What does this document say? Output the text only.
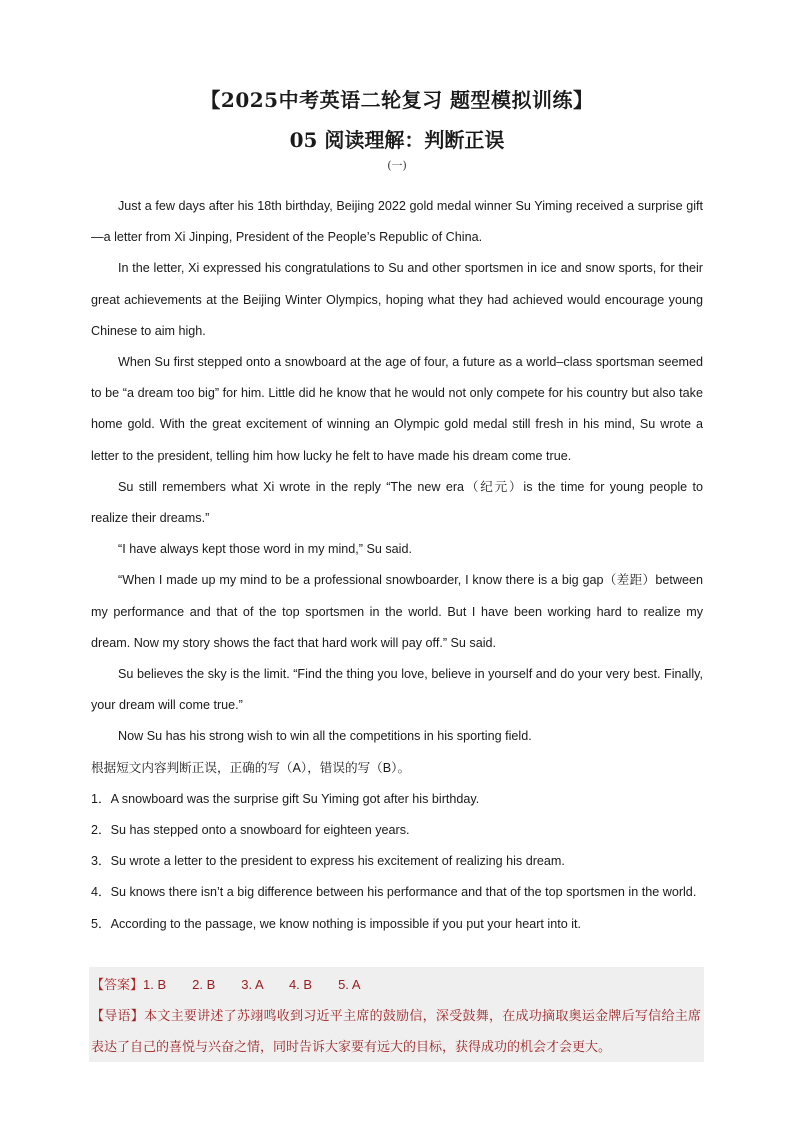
【2025中考英语二轮复习 题型模拟训练】
05 阅读理解：判断正误
(一)

Just a few days after his 18th birthday, Beijing 2022 gold medal winner Su Yiming received a surprise gift—a letter from Xi Jinping, President of the People’s Republic of China.

In the letter, Xi expressed his congratulations to Su and other sportsmen in ice and snow sports, for their great achievements at the Beijing Winter Olympics, hoping what they had achieved would encourage young Chinese to aim high.

When Su first stepped onto a snowboard at the age of four, a future as a world–class sportsman seemed to be “a dream too big” for him. Little did he know that he would not only compete for his country but also take home gold. With the great excitement of winning an Olympic gold medal still fresh in his mind, Su wrote a letter to the president, telling him how lucky he felt to have made his dream come true.

Su still remembers what Xi wrote in the reply “The new era（纪元）is the time for young people to realize their dreams.”

“I have always kept those word in my mind,” Su said.

“When I made up my mind to be a professional snowboarder, I know there is a big gap（差距）between my performance and that of the top sportsmen in the world. But I have been working hard to realize my dream. Now my story shows the fact that hard work will pay off.” Su said.

Su believes the sky is the limit. “Find the thing you love, believe in yourself and do your very best. Finally, your dream will come true.”

Now Su has his strong wish to win all the competitions in his sporting field.

根据短文内容判断正误，正确的写（A），错误的写（B）。

1．A snowboard was the surprise gift Su Yiming got after his birthday.

2．Su has stepped onto a snowboard for eighteen years.

3．Su wrote a letter to the president to express his excitement of realizing his dream.

4．Su knows there isn’t a big difference between his performance and that of the top sportsmen in the world.

5．According to the passage, we know nothing is impossible if you put your heart into it.

【答案】1. B　　2. B　　3. A　　4. B　　5. A
【导语】本文主要讲述了苏翊鸣收到习近平主席的鼓励信，深受鼓舞，在成功摘取奥运金牌后写信给主席表达了自己的喜悦与兴奋之情，同时告诉大家要有远大的目标，获得成功的机会才会更大。
